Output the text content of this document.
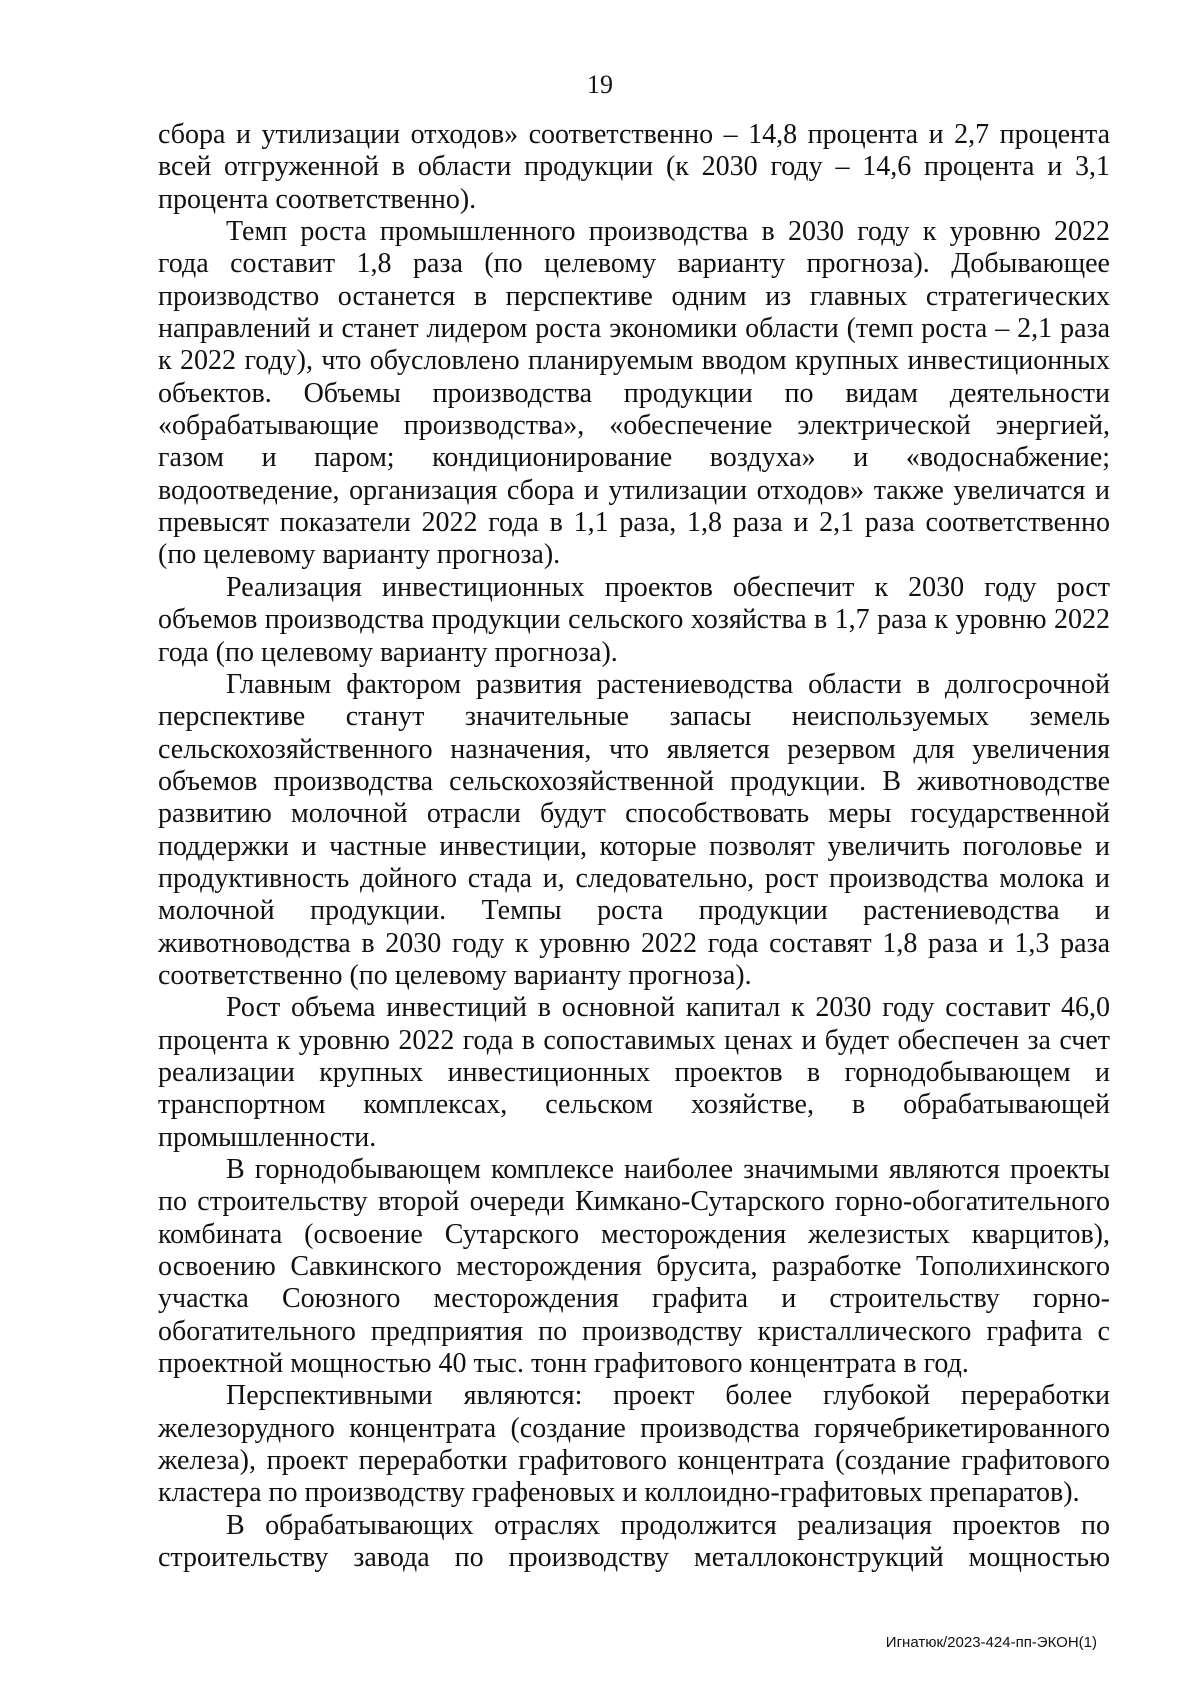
19

сбора и утилизации отходов» соответственно – 14,8 процента и 2,7 процента всей отгруженной в области продукции (к 2030 году – 14,6 процента и 3,1 процента соответственно).

Темп роста промышленного производства в 2030 году к уровню 2022 года составит 1,8 раза (по целевому варианту прогноза). Добывающее производство останется в перспективе одним из главных стратегических направлений и станет лидером роста экономики области (темп роста – 2,1 раза к 2022 году), что обусловлено планируемым вводом крупных инвестиционных объектов. Объемы производства продукции по видам деятельности «обрабатывающие производства», «обеспечение электрической энергией, газом и паром; кондиционирование воздуха» и «водоснабжение; водоотведение, организация сбора и утилизации отходов» также увеличатся и превысят показатели 2022 года в 1,1 раза, 1,8 раза и 2,1 раза соответственно (по целевому варианту прогноза).

Реализация инвестиционных проектов обеспечит к 2030 году рост объемов производства продукции сельского хозяйства в 1,7 раза к уровню 2022 года (по целевому варианту прогноза).

Главным фактором развития растениеводства области в долгосрочной перспективе станут значительные запасы неиспользуемых земель сельскохозяйственного назначения, что является резервом для увеличения объемов производства сельскохозяйственной продукции. В животноводстве развитию молочной отрасли будут способствовать меры государственной поддержки и частные инвестиции, которые позволят увеличить поголовье и продуктивность дойного стада и, следовательно, рост производства молока и молочной продукции. Темпы роста продукции растениеводства и животноводства в 2030 году к уровню 2022 года составят 1,8 раза и 1,3 раза соответственно (по целевому варианту прогноза).

Рост объема инвестиций в основной капитал к 2030 году составит 46,0 процента к уровню 2022 года в сопоставимых ценах и будет обеспечен за счет реализации крупных инвестиционных проектов в горнодобывающем и транспортном комплексах, сельском хозяйстве, в обрабатывающей промышленности.

В горнодобывающем комплексе наиболее значимыми являются проекты по строительству второй очереди Кимкано-Сутарского горно-обогатительного комбината (освоение Сутарского месторождения железистых кварцитов), освоению Савкинского месторождения брусита, разработке Тополихинского участка Союзного месторождения графита и строительству горно-обогатительного предприятия по производству кристаллического графита с проектной мощностью 40 тыс. тонн графитового концентрата в год.

Перспективными являются: проект более глубокой переработки железорудного концентрата (создание производства горячебрикетированного железа), проект переработки графитового концентрата (создание графитового кластера по производству графеновых и коллоидно-графитовых препаратов).

В обрабатывающих отраслях продолжится реализация проектов по строительству завода по производству металлоконструкций мощностью

Игнатюк/2023-424-пп-ЭКОН(1)
